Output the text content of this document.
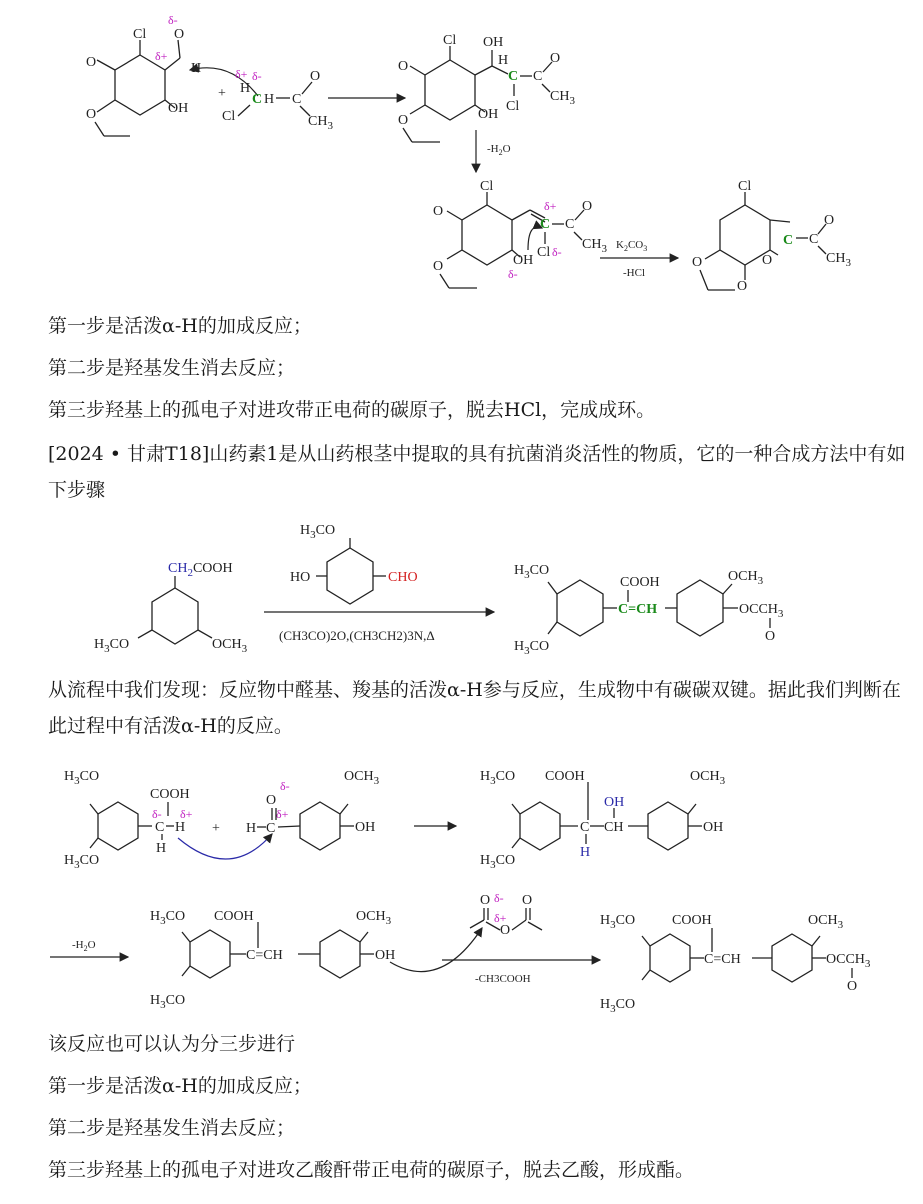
O
O
Cl O
H
OH
δ-
δ+
+
δ+
H
δ-
C H
Cl
C
O
$CH_3$
O
O
Cl OH
C
H
Cl
C
O
$CH_3$
OH
$-H_2O$
O
O
Cl
C
δ+
C
O
$CH_3$
Cl δ-
OH
δ-
$K_2CO_3$
-HCl
O
O
Cl
C
O
C
O
$CH_3$
第一步是活泼α-H的加成反应；
第二步是羟基发生消去反应；
第三步羟基上的孤电子对进攻带正电荷的碳原子，脱去HCl，完成成环。
[2024 • 甘肃T18]山药素1是从山药根茎中提取的具有抗菌消炎活性的物质，它的一种合成方法中有如下步骤
$CH_2COOH$
$H_3CO$	$OCH_3$
$H_3CO$
HO	CHO
(CH3CO)2O,(CH3CH2)3N,Δ
$H_3CO$
$H_3CO$
COOH
C=CH
$OCH_3$
$OCCH_3$
O
从流程中我们发现：反应物中醛基、羧基的活泼α-H参与反应，生成物中有碳碳双键。据此我们判断在此过程中有活泼α-H的反应。
$H_3CO$
$H_3CO$
COOH
δ-
C H
δ+
H
+ H C
δ+
O
δ-
$OCH_3$
OH
$H_3CO$
$H_3CO$
COOH
C
H
CH
OH
$OCH_3$
OH
$-H_2O$
$H_3CO$
$H_3CO$
COOH
C=CH
$OCH_3$
OH
O δ-
δ+
O
O
-CH3COOH
$H_3CO$
$H_3CO$
COOH
C=CH
$OCH_3$
$OCCH_3$
O
该反应也可以认为分三步进行
第一步是活泼α-H的加成反应；
第二步是羟基发生消去反应；
第三步羟基上的孤电子对进攻乙酸酐带正电荷的碳原子，脱去乙酸，形成酯。
